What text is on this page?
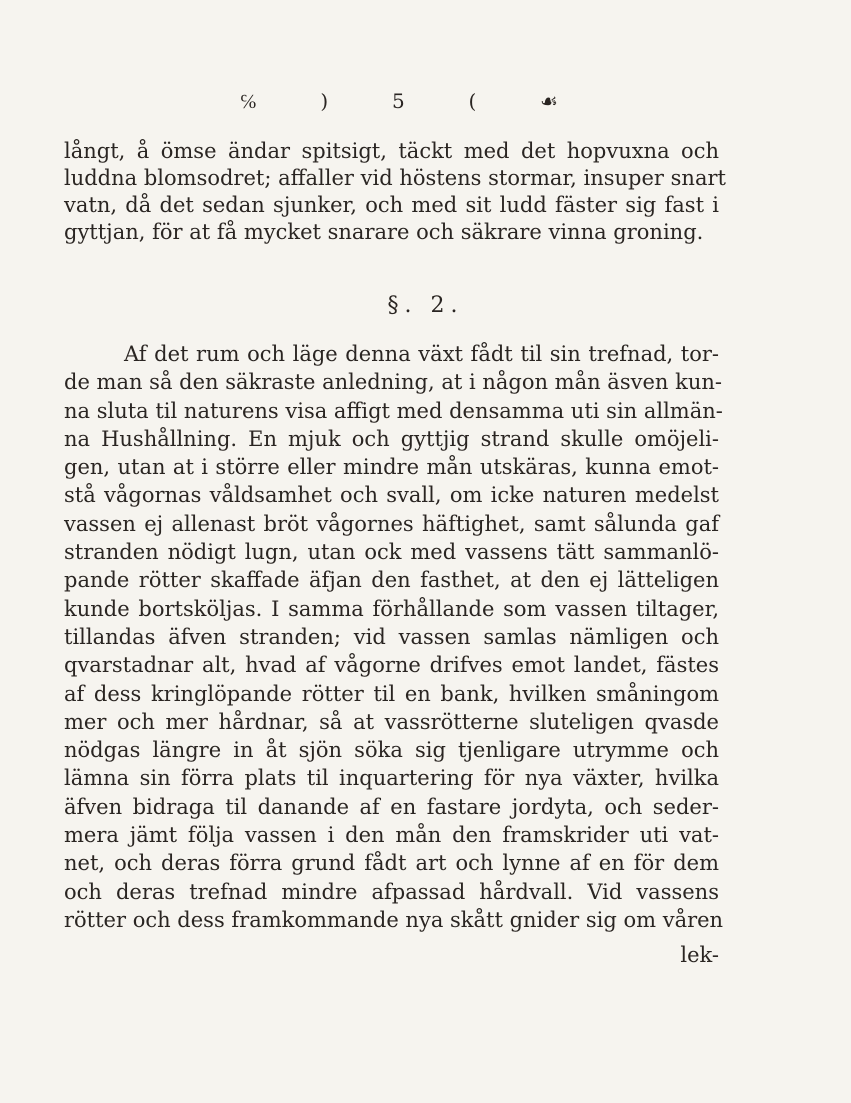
℅	)	5	(	☙
långt, å ömse ändar spitsigt, täckt med det hopvuxna och
luddna blomsodret; affaller vid höstens stormar, insuper snart
vatn, då det sedan sjunker, och med sit ludd fäster sig fast i
gyttjan, för at få mycket snarare och säkrare vinna groning.
§. 2.
Af det rum och läge denna växt fådt til sin trefnad, tor-
de man så den säkraste anledning, at i någon mån äsven kun-
na sluta til naturens visa affigt med densamma uti sin allmän-
na Hushållning. En mjuk och gyttjig strand skulle omöjeli-
gen, utan at i större eller mindre mån utskäras, kunna emot-
stå vågornas våldsamhet och svall, om icke naturen medelst
vassen ej allenast bröt vågornes häftighet, samt sålunda gaf
stranden nödigt lugn, utan ock med vassens tätt sammanlö-
pande rötter skaffade äfjan den fasthet, at den ej lätteligen
kunde bortsköljas. I samma förhållande som vassen tiltager,
tillandas äfven stranden; vid vassen samlas nämligen och
qvarstadnar alt, hvad af vågorne drifves emot landet, fästes
af dess kringlöpande rötter til en bank, hvilken småningom
mer och mer hårdnar, så at vassrötterne sluteligen qvasde
nödgas längre in åt sjön söka sig tjenligare utrymme och
lämna sin förra plats til inquartering för nya växter, hvilka
äfven bidraga til danande af en fastare jordyta, och seder-
mera jämt följa vassen i den mån den framskrider uti vat-
net, och deras förra grund fådt art och lynne af en för dem
och deras trefnad mindre afpassad hårdvall. Vid vassens
rötter och dess framkommande nya skått gnider sig om våren
lek-
